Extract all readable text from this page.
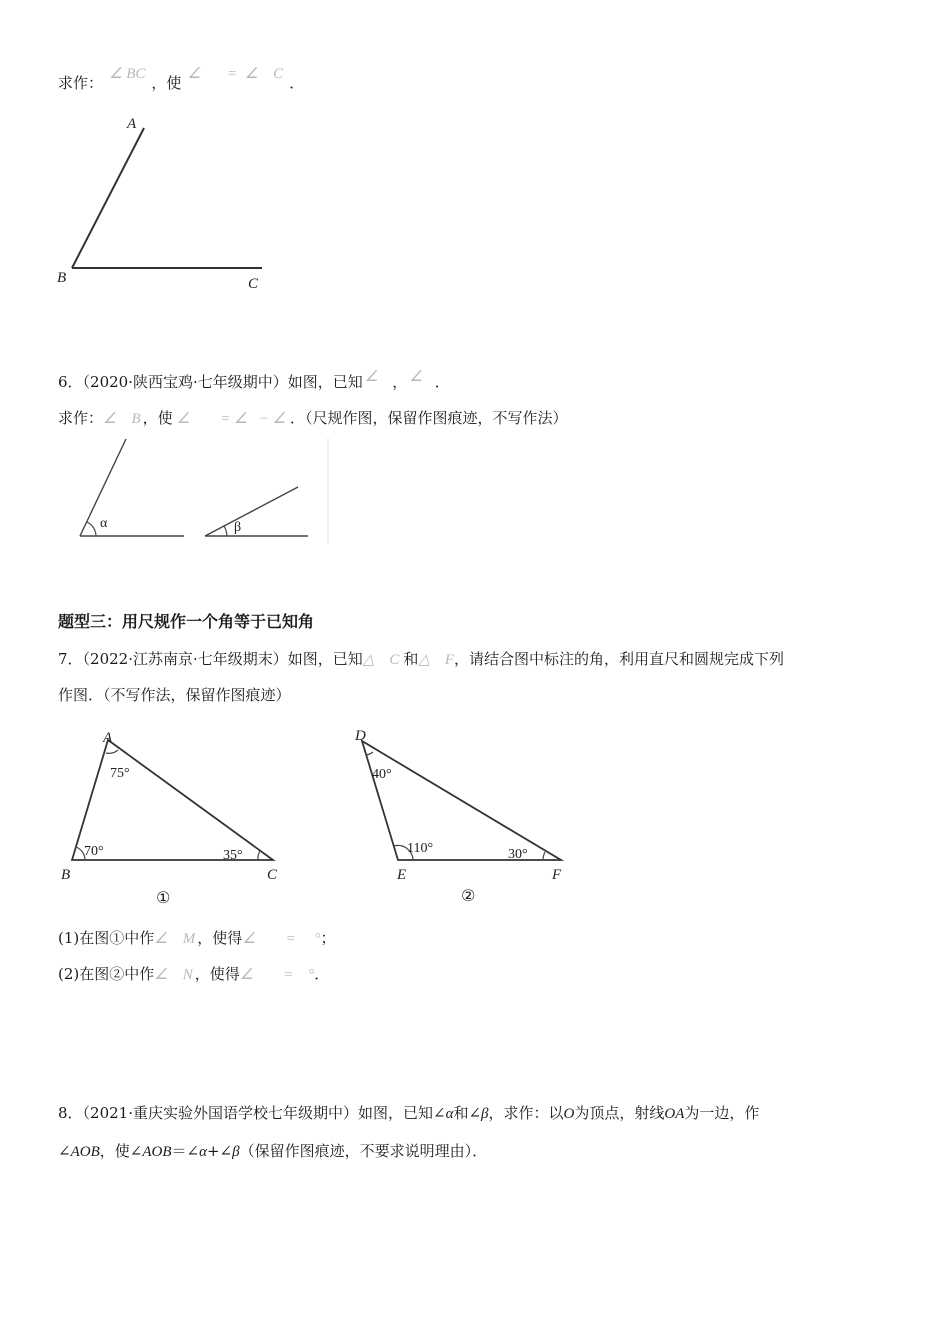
求作： ∠ BC ，使 ∠       =  ∠    C ．
A
B	C
6．（2020·陕西宝鸡·七年级期中）如图，已知 ∠ ， ∠ ．
求作：∠    B ，使 ∠        = ∠   − ∠ ．（尺规作图，保留作图痕迹，不写作法）
α	β
题型三：用尺规作一个角等于已知角
7．（2022·江苏南京·七年级期末）如图，已知△    C 和△    F，请结合图中标注的角，利用直尺和圆规完成下列
作图．（不写作法，保留作图痕迹）
A
B	C
75°
70°	35°
①
D
E	F
40°
110°	30°
②
(1)在图①中作∠    M ，使得∠        =     °；
(2)在图②中作∠    N ，使得∠        =    °．
8．（2021·重庆实验外国语学校七年级期中）如图，已知∠α和∠β，求作：以O为顶点，射线OA为一边，作
∠AOB，使∠AOB＝∠α+∠β（保留作图痕迹，不要求说明理由）．
